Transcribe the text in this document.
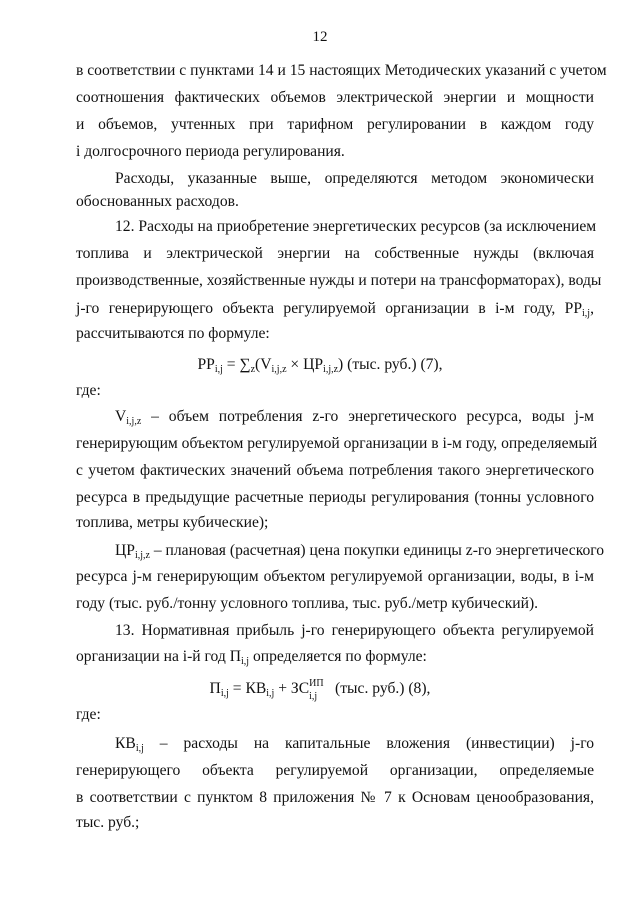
12
в соответствии с пунктами 14 и 15 настоящих Методических указаний с учетом
соотношения фактических объемов электрической энергии и мощности
и объемов, учтенных при тарифном регулировании в каждом году
i долгосрочного периода регулирования.
Расходы, указанные выше, определяются методом экономически
обоснованных расходов.
12. Расходы на приобретение энергетических ресурсов (за исключением
топлива и электрической энергии на собственные нужды (включая
производственные, хозяйственные нужды и потери на трансформаторах), воды
j-го генерирующего объекта регулируемой организации в i-м году, $PP_{i,j}$,
рассчитываются по формуле:
$PP_{i,j} = \sum_z(V_{i,j,z} \times ЦР_{i,j,z})$ (тыс. руб.) (7),
где:
$V_{i,j,z}$ – объем потребления z-го энергетического ресурса, воды j-м
генерирующим объектом регулируемой организации в i-м году, определяемый
с учетом фактических значений объема потребления такого энергетического
ресурса в предыдущие расчетные периоды регулирования (тонны условного
топлива, метры кубические);
$ЦР_{i,j,z}$ – плановая (расчетная) цена покупки единицы z-го энергетического
ресурса j-м генерирующим объектом регулируемой организации, воды, в i-м
году (тыс. руб./тонну условного топлива, тыс. руб./метр кубический).
13. Нормативная прибыль j-го генерирующего объекта регулируемой
организации на i-й год $П_{i,j}$ определяется по формуле:
$П_{i,j} = КВ_{i,j}$ + ЗС ИП
i,j (тыс. руб.) (8),
где:
$КВ_{i,j}$ – расходы на капитальные вложения (инвестиции) j-го
генерирующего объекта регулируемой организации, определяемые
в соответствии с пунктом 8 приложения № 7 к Основам ценообразования,
тыс. руб.;
